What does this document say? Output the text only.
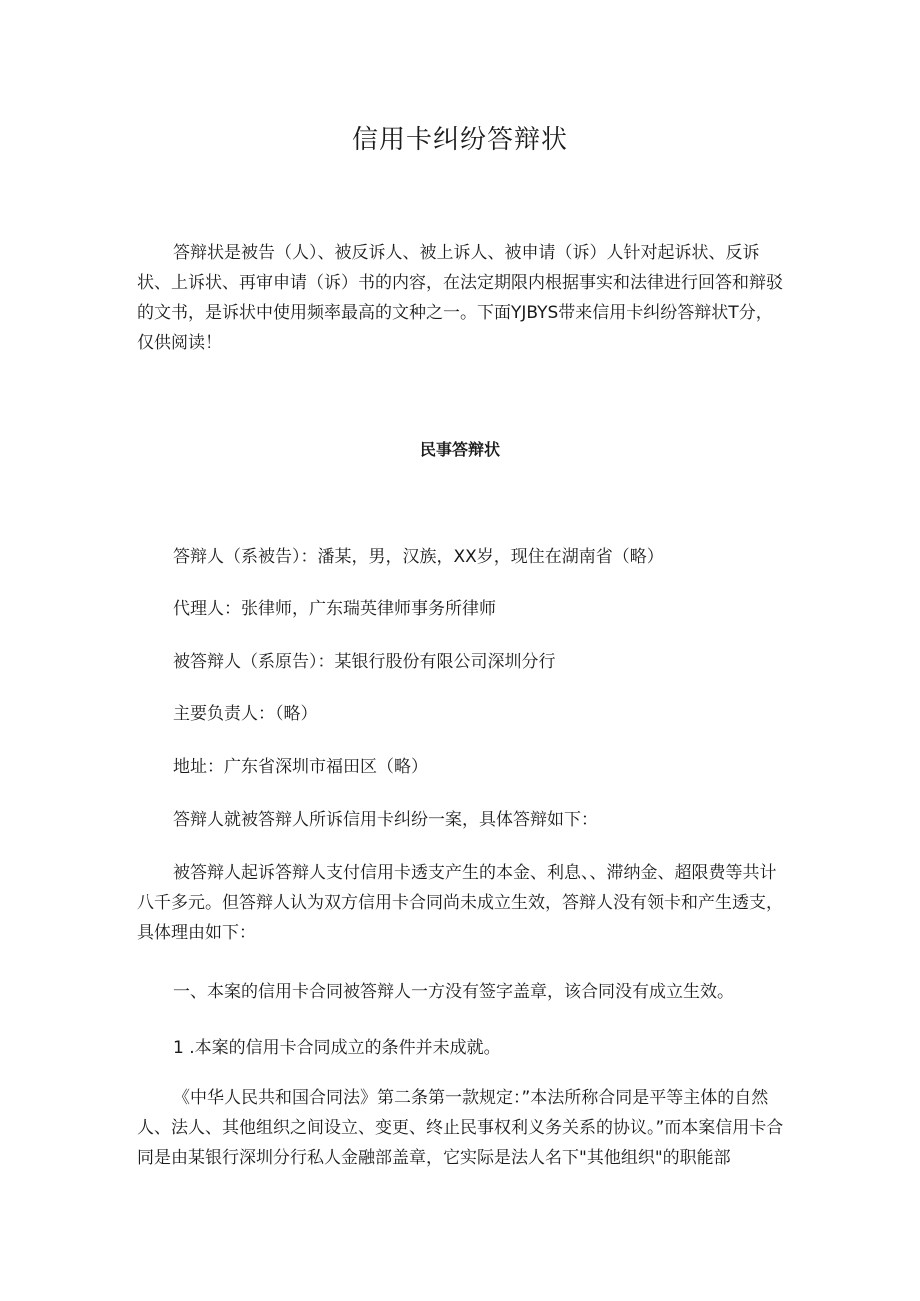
信用卡纠纷答辩状

答辩状是被告（人）、被反诉人、被上诉人、被申请（诉）人针对起诉状、反诉状、上诉状、再审申请（诉）书的内容，在法定期限内根据事实和法律进行回答和辩驳的文书，是诉状中使用频率最高的文种之一。下面YJBYS带来信用卡纠纷答辩状T分，仅供阅读！

民事答辩状

答辩人（系被告）：潘某，男，汉族，XX岁，现住在湖南省（略）

代理人：张律师，广东瑞英律师事务所律师

被答辩人（系原告）：某银行股份有限公司深圳分行

主要负责人：（略）

地址：广东省深圳市福田区（略）

答辩人就被答辩人所诉信用卡纠纷一案，具体答辩如下：

被答辩人起诉答辩人支付信用卡透支产生的本金、利息、、滞纳金、超限费等共计八千多元。但答辩人认为双方信用卡合同尚未成立生效，答辩人没有领卡和产生透支，具体理由如下：

一、本案的信用卡合同被答辩人一方没有签字盖章，该合同没有成立生效。

1 .本案的信用卡合同成立的条件并未成就。

《中华人民共和国合同法》第二条第一款规定：”本法所称合同是平等主体的自然人、法人、其他组织之间设立、变更、终止民事权利义务关系的协议。”而本案信用卡合同是由某银行深圳分行私人金融部盖章，它实际是法人名下"其他组织"的职能部
